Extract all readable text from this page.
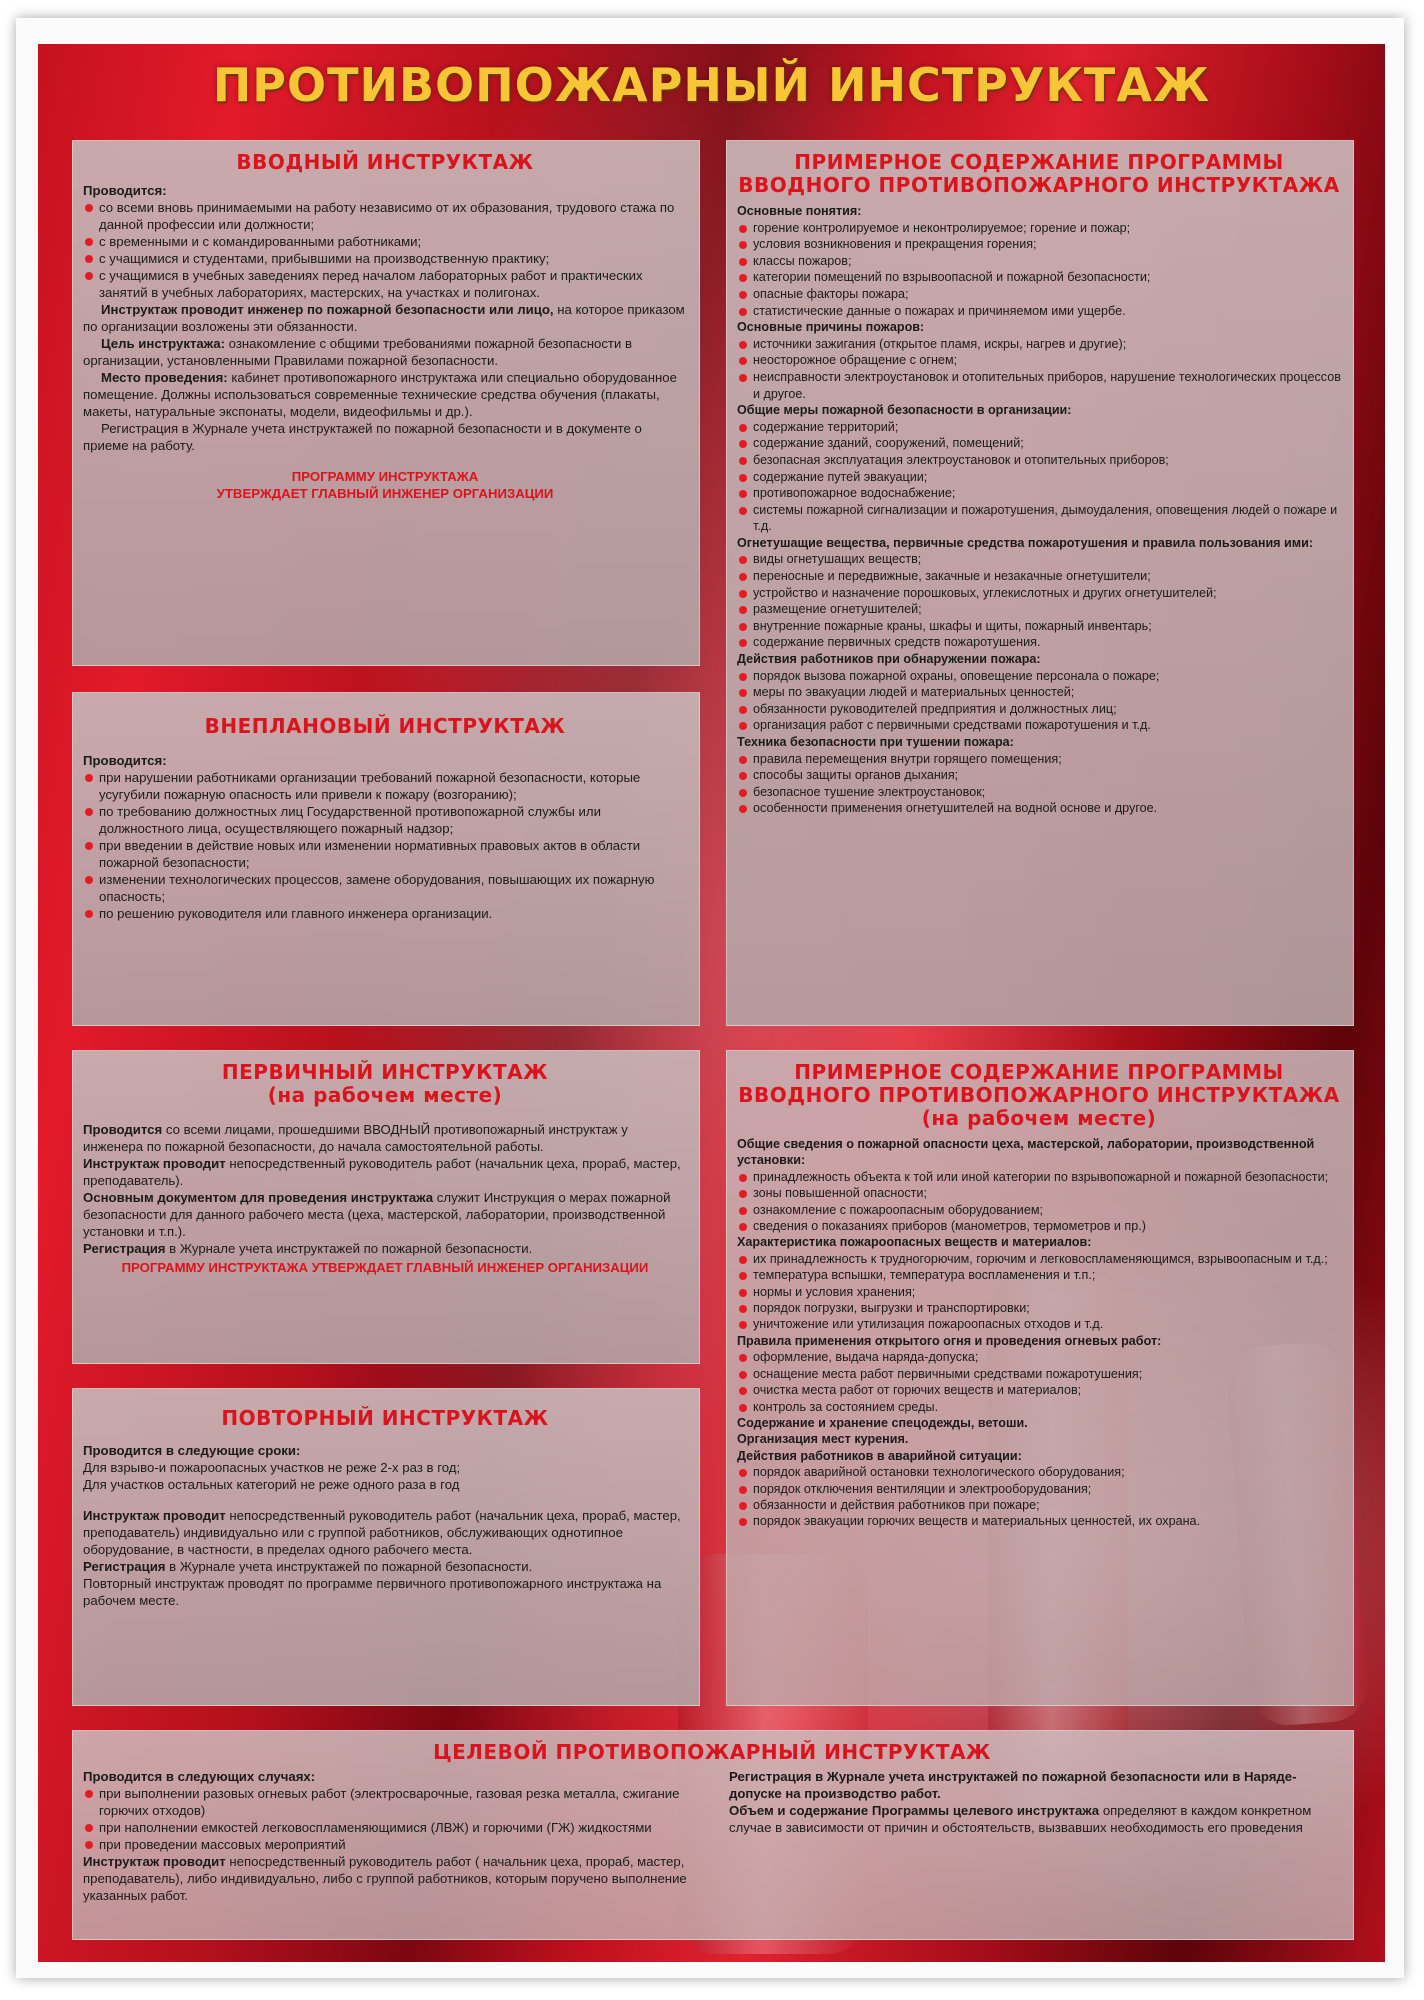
ПРОТИВОПОЖАРНЫЙ ИНСТРУКТАЖ
ВВОДНЫЙ ИНСТРУКТАЖ
Проводится:
со всеми вновь принимаемыми на работу независимо от их образования, трудового стажа по данной профессии или должности;
с временными и с командированными работниками;
с учащимися и студентами, прибывшими на производственную практику;
с учащимися в учебных заведениях перед началом лабораторных работ и практических занятий в учебных лабораториях, мастерских, на участках и полигонах.

Инструктаж проводит инженер по пожарной безопасности или лицо, на которое приказом по организации возложены эти обязанности.

Цель инструктажа: ознакомление с общими требованиями пожарной безопасности в организации, установленными Правилами пожарной безопасности.

Место проведения: кабинет противопожарного инструктажа или специально оборудованное помещение. Должны использоваться современные технические средства обучения (плакаты, макеты, натуральные экспонаты, модели, видеофильмы и др.).

Регистрация в Журнале учета инструктажей по пожарной безопасности и в документе о приеме на работу.

ПРОГРАММУ ИНСТРУКТАЖА
УТВЕРЖДАЕТ ГЛАВНЫЙ ИНЖЕНЕР ОРГАНИЗАЦИИ
ВНЕПЛАНОВЫЙ ИНСТРУКТАЖ
Проводится:
при нарушении работниками организации требований пожарной безопасности, которые усугубили пожарную опасность или привели к пожару (возгоранию);
по требованию должностных лиц Государственной противопожарной службы или должностного лица, осуществляющего пожарный надзор;
при введении в действие новых или изменении нормативных правовых актов в области пожарной безопасности;
изменении технологических процессов, замене оборудования, повышающих их пожарную опасность;
по решению руководителя или главного инженера организации.
ПЕРВИЧНЫЙ ИНСТРУКТАЖ
(на рабочем месте)

Проводится со всеми лицами, прошедшими ВВОДНЫЙ противопожарный инструктаж у инженера по пожарной безопасности, до начала самостоятельной работы.

Инструктаж проводит непосредственный руководитель работ (начальник цеха, прораб, мастер, преподаватель).

Основным документом для проведения инструктажа служит Инструкция о мерах пожарной безопасности для данного рабочего места (цеха, мастерской, лаборатории, производственной установки и т.п.).

Регистрация в Журнале учета инструктажей по пожарной безопасности.

ПРОГРАММУ ИНСТРУКТАЖА УТВЕРЖДАЕТ ГЛАВНЫЙ ИНЖЕНЕР ОРГАНИЗАЦИИ
ПОВТОРНЫЙ ИНСТРУКТАЖ
Проводится в следующие сроки:

Для взрыво-и пожароопасных участков не реже 2-х раз в год;

Для участков остальных категорий не реже одного раза в год

Инструктаж проводит непосредственный руководитель работ (начальник цеха, прораб, мастер, преподаватель) индивидуально или с группой работников, обслуживающих однотипное оборудование, в частности, в пределах одного рабочего места.

Регистрация в Журнале учета инструктажей по пожарной безопасности.

Повторный инструктаж проводят по программе первичного противопожарного инструктажа на рабочем месте.

ПРИМЕРНОЕ СОДЕРЖАНИЕ ПРОГРАММЫ
ВВОДНОГО ПРОТИВОПОЖАРНОГО ИНСТРУКТАЖА
Основные понятия:
горение контролируемое и неконтролируемое; горение и пожар;
условия возникновения и прекращения горения;
классы пожаров;
категории помещений по взрывоопасной и пожарной безопасности;
опасные факторы пожара;
статистические данные о пожарах и причиняемом ими ущербе.
Основные причины пожаров:
источники зажигания (открытое пламя, искры, нагрев и другие);
неосторожное обращение с огнем;
неисправности электроустановок и отопительных приборов, нарушение технологических процессов и другое.
Общие меры пожарной безопасности в организации:
содержание территорий;
содержание зданий, сооружений, помещений;
безопасная эксплуатация электроустановок и отопительных приборов;
содержание путей эвакуации;
противопожарное водоснабжение;
системы пожарной сигнализации и пожаротушения, дымоудаления, оповещения людей о пожаре и т.д.
Огнетушащие вещества, первичные средства пожаротушения и правила пользования ими:
виды огнетушащих веществ;
переносные и передвижные, закачные и незакачные огнетушители;
устройство и назначение порошковых, углекислотных и других огнетушителей;
размещение огнетушителей;
внутренние пожарные краны, шкафы и щиты, пожарный инвентарь;
содержание первичных средств пожаротушения.
Действия работников при обнаружении пожара:
порядок вызова пожарной охраны, оповещение персонала о пожаре;
меры по эвакуации людей и материальных ценностей;
обязанности руководителей предприятия и должностных лиц;
организация работ с первичными средствами пожаротушения и т.д.
Техника безопасности при тушении пожара:
правила перемещения внутри горящего помещения;
способы защиты органов дыхания;
безопасное тушение электроустановок;
особенности применения огнетушителей на водной основе и другое.
ПРИМЕРНОЕ СОДЕРЖАНИЕ ПРОГРАММЫ
ВВОДНОГО ПРОТИВОПОЖАРНОГО ИНСТРУКТАЖА
(на рабочем месте)
Общие сведения о пожарной опасности цеха, мастерской, лаборатории, производственной установки:
принадлежность объекта к той или иной категории по взрывопожарной и пожарной безопасности;
зоны повышенной опасности;
ознакомление с пожароопасным оборудованием;
сведения о показаниях приборов (манометров, термометров и пр.)
Характеристика пожароопасных веществ и материалов:
их принадлежность к трудногорючим, горючим и легковоспламеняющимся, взрывоопасным и т.д.;
температура вспышки, температура воспламенения и т.п.;
нормы и условия хранения;
порядок погрузки, выгрузки и транспортировки;
уничтожение или утилизация пожароопасных отходов и т.д.
Правила применения открытого огня и проведения огневых работ:
оформление, выдача наряда-допуска;
оснащение места работ первичными средствами пожаротушения;
очистка места работ от горючих веществ и материалов;
контроль за состоянием среды.
Содержание и хранение спецодежды, ветоши.
Организация мест курения.
Действия работников в аварийной ситуации:
порядок аварийной остановки технологического оборудования;
порядок отключения вентиляции и электрооборудования;
обязанности и действия работников при пожаре;
порядок эвакуации горючих веществ и материальных ценностей, их охрана.
ЦЕЛЕВОЙ ПРОТИВОПОЖАРНЫЙ ИНСТРУКТАЖ
Проводится в следующих случаях:
при выполнении разовых огневых работ (электросварочные, газовая резка металла, сжигание горючих отходов)
при наполнении емкостей легковоспламеняющимися (ЛВЖ) и горючими (ГЖ) жидкостями
при проведении массовых мероприятий

Инструктаж проводит непосредственный руководитель работ ( начальник цеха, прораб, мастер, преподаватель), либо индивидуально, либо с группой работников, которым поручено выполнение указанных работ.

Регистрация в Журнале учета инструктажей по пожарной безопасности или в Наряде-допуске на производство работ.

Объем и содержание Программы целевого инструктажа определяют в каждом конкретном случае в зависимости от причин и обстоятельств, вызвавших необходимость его проведения
